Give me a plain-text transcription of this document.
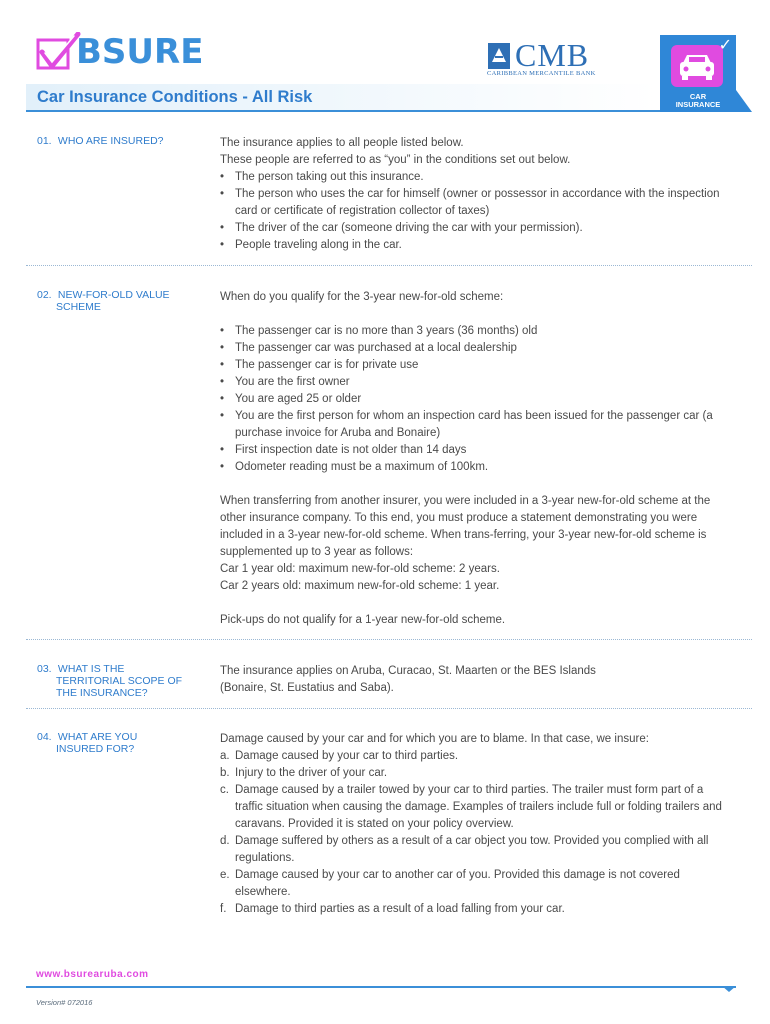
BSURE	CMB
CARIBBEAN MERCANTILE BANK
Car Insurance Conditions - All Risk
✓
CAR
INSURANCE
01. WHO ARE INSURED?	The insurance applies to all people listed below.

These people are referred to as “you” in the conditions set out below.

• The person taking out this insurance.
• The person who uses the car for himself (owner or possessor in accordance with the inspection card or certificate of registration collector of taxes)
• The driver of the car (someone driving the car with your permission).
• People traveling along in the car.
02. NEW-FOR-OLD VALUE
SCHEME

When do you qualify for the 3-year new-for-old scheme:

• The passenger car is no more than 3 years (36 months) old
• The passenger car was purchased at a local dealership
• The passenger car is for private use
• You are the first owner
• You are aged 25 or older
• You are the first person for whom an inspection card has been issued for the passenger car (a purchase invoice for Aruba and Bonaire)
• First inspection date is not older than 14 days
• Odometer reading must be a maximum of 100km.

When transferring from another insurer, you were included in a 3-year new-for-old scheme at the other insurance company. To this end, you must produce a statement demonstrating you were included in a 3-year new-for-old scheme. When trans-ferring, your 3-year new-for-old scheme is supplemented up to 3 year as follows:

Car 1 year old: maximum new-for-old scheme: 2 years.

Car 2 years old: maximum new-for-old scheme: 1 year.

Pick-ups do not qualify for a 1-year new-for-old scheme.

03. WHAT IS THE
TERRITORIAL SCOPE OF
THE INSURANCE?

The insurance applies on Aruba, Curacao, St. Maarten or the BES Islands

(Bonaire, St. Eustatius and Saba).

04. WHAT ARE YOU
INSURED FOR?

Damage caused by your car and for which you are to blame. In that case, we insure:

a. Damage caused by your car to third parties.
b. Injury to the driver of your car.
c. Damage caused by a trailer towed by your car to third parties. The trailer must form part of a traffic situation when causing the damage. Examples of trailers include full or folding trailers and caravans. Provided it is stated on your policy overview.
d. Damage suffered by others as a result of a car object you tow. Provided you complied with all regulations.
e. Damage caused by your car to another car of you. Provided this damage is not covered elsewhere.
f. Damage to third parties as a result of a load falling from your car.
www.bsurearuba.com
Version# 072016
